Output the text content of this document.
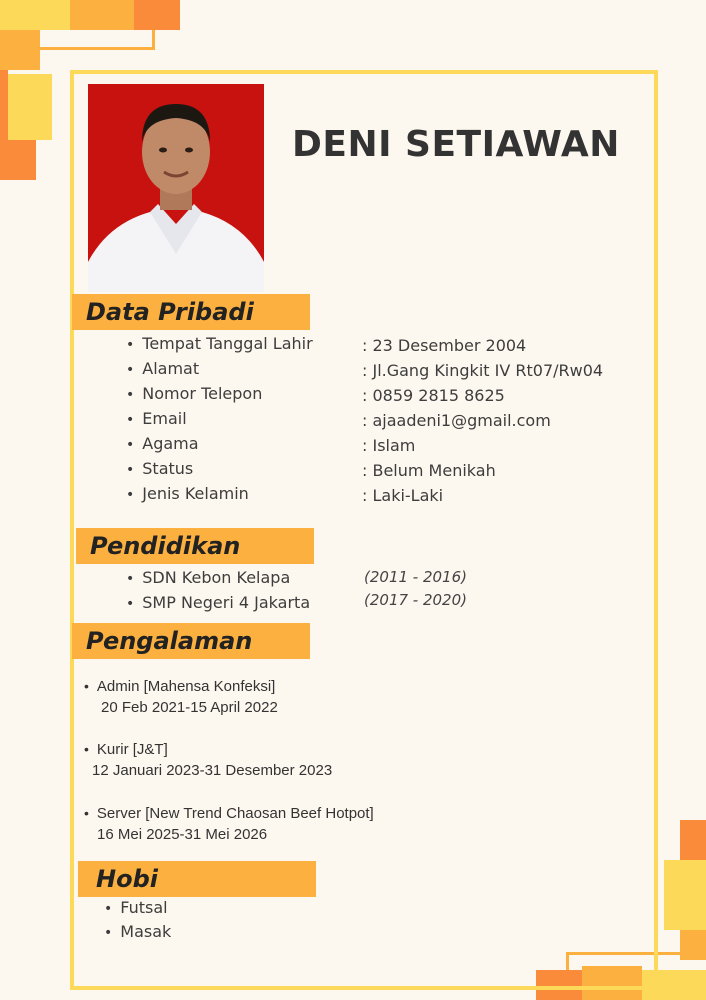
DENI SETIAWAN
Data Pribadi
• Tempat Tanggal Lahir	: 23 Desember 2004
• Alamat	: Jl.Gang Kingkit IV Rt07/Rw04
• Nomor Telepon	: 0859 2815 8625
• Email	: ajaadeni1@gmail.com
• Agama	: Islam
• Status	: Belum Menikah
• Jenis Kelamin	: Laki-Laki
Pendidikan
• SDN Kebon Kelapa	(2011 - 2016)
• SMP Negeri 4 Jakarta	(2017 - 2020)
Pengalaman
• Admin [Mahensa Konfeksi]
20 Feb 2021-15 April 2022
• Kurir [J&T]
12 Januari 2023-31 Desember 2023
• Server [New Trend Chaosan Beef Hotpot]
16 Mei 2025-31 Mei 2026
Hobi
• Futsal
• Masak
